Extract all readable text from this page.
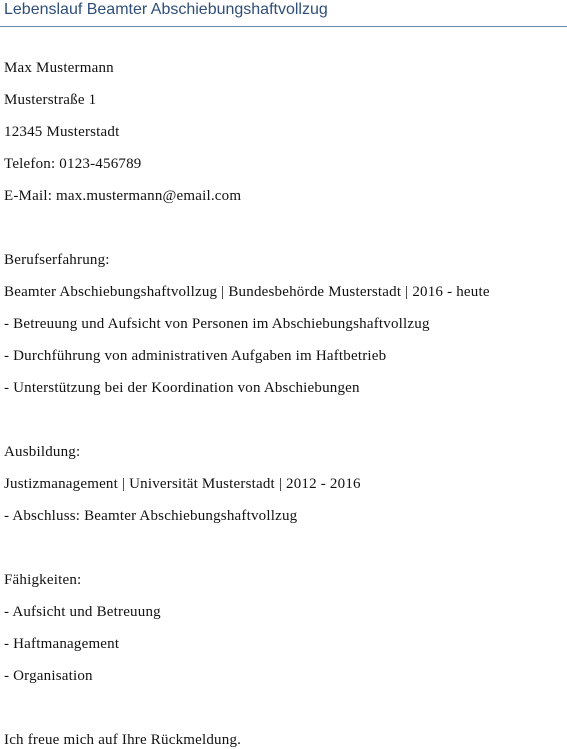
Lebenslauf Beamter Abschiebungshaftvollzug
Max Mustermann
Musterstraße 1
12345 Musterstadt
Telefon: 0123-456789
E-Mail: max.mustermann@email.com
Berufserfahrung:
Beamter Abschiebungshaftvollzug | Bundesbehörde Musterstadt | 2016 - heute
- Betreuung und Aufsicht von Personen im Abschiebungshaftvollzug
- Durchführung von administrativen Aufgaben im Haftbetrieb
- Unterstützung bei der Koordination von Abschiebungen
Ausbildung:
Justizmanagement | Universität Musterstadt | 2012 - 2016
- Abschluss: Beamter Abschiebungshaftvollzug
Fähigkeiten:
- Aufsicht und Betreuung
- Haftmanagement
- Organisation
Ich freue mich auf Ihre Rückmeldung.
